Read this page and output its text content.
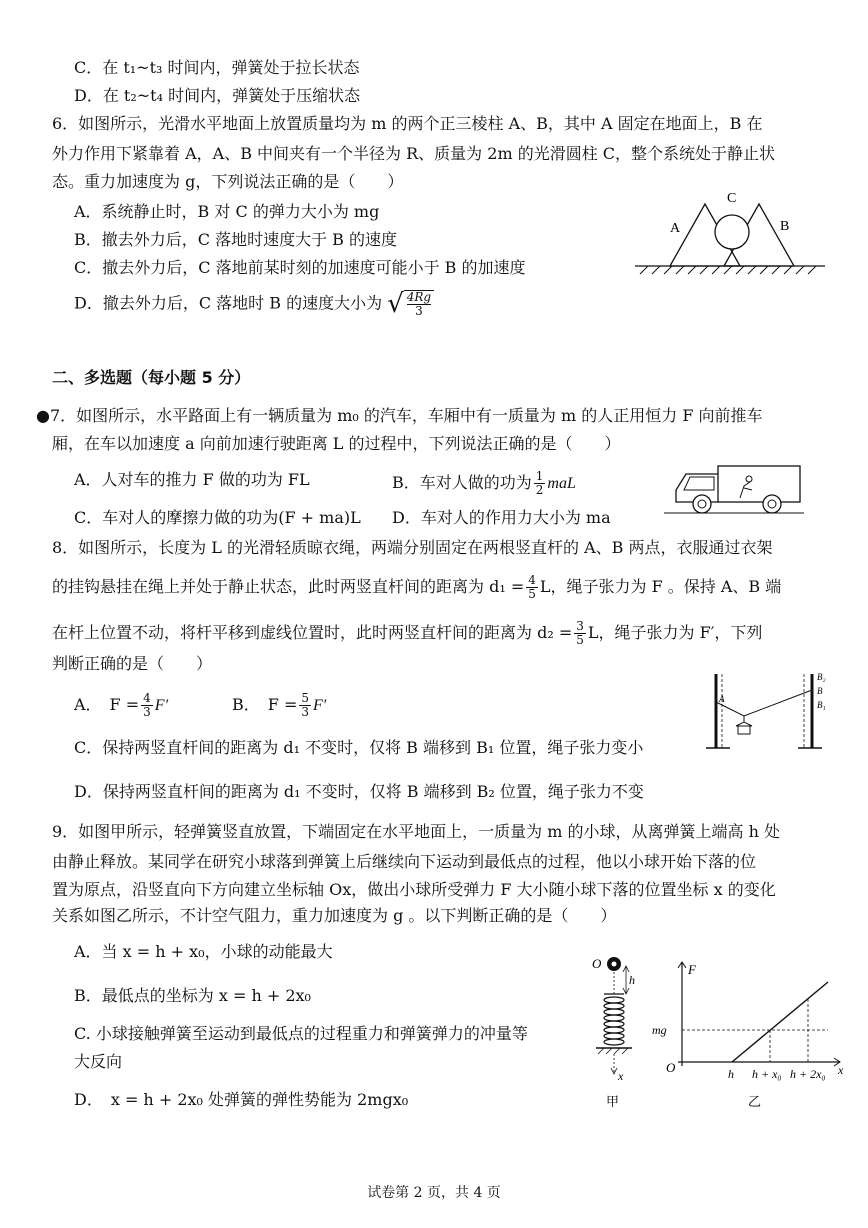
C．在 t₁~t₃ 时间内，弹簧处于拉长状态
D．在 t₂~t₄ 时间内，弹簧处于压缩状态
6．如图所示，光滑水平地面上放置质量均为 m 的两个正三棱柱 A、B，其中 A 固定在地面上，B 在
外力作用下紧靠着 A，A、B 中间夹有一个半径为 R、质量为 2m 的光滑圆柱 C，整个系统处于静止状
态。重力加速度为 g，下列说法正确的是（　　）
A．系统静止时，B 对 C 的弹力大小为 mg
B．撤去外力后，C 落地时速度大于 B 的速度
C．撤去外力后，C 落地前某时刻的加速度可能小于 B 的加速度
D．撤去外力后，C 落地时 B 的速度大小为 √ $\frac{4Rg}{3}$
A	B
C
二、多选题（每小题 5 分）
●7．如图所示，水平路面上有一辆质量为 m₀ 的汽车，车厢中有一质量为 m 的人正用恒力 F 向前推车
厢，在车以加速度 a 向前加速行驶距离 L 的过程中，下列说法正确的是（　　）
A．人对车的推力 F 做的功为 FL	B．车对人做的功为 $\frac{1}{2}$ maL
C．车对人的摩擦力做的功为(F + ma)L D．车对人的作用力大小为 ma
8．如图所示，长度为 L 的光滑轻质晾衣绳，两端分别固定在两根竖直杆的 A、B 两点，衣服通过衣架
的挂钩悬挂在绳上并处于静止状态，此时两竖直杆间的距离为 $d_1 = \frac{4}{5}$ L，绳子张力为 F 。保持 A、B 端
在杆上位置不动，将杆平移到虚线位置时，此时两竖直杆间的距离为 $d_2 = \frac{3}{5}$ L，绳子张力为 F′，下列
判断正确的是（　　）
A．　$F = \frac{4}{3} F'$	B．　$F = \frac{5}{3} F'$
C．保持两竖直杆间的距离为 d₁ 不变时，仅将 B 端移到 B₁ 位置，绳子张力变小
D．保持两竖直杆间的距离为 d₁ 不变时，仅将 B 端移到 B₂ 位置，绳子张力不变
A
B₂
B
B₁
9．如图甲所示，轻弹簧竖直放置，下端固定在水平地面上，一质量为 m 的小球，从离弹簧上端高 h 处
由静止释放。某同学在研究小球落到弹簧上后继续向下运动到最低点的过程，他以小球开始下落的位
置为原点，沿竖直向下方向建立坐标轴 Ox，做出小球所受弹力 F 大小随小球下落的位置坐标 x 的变化
关系如图乙所示，不计空气阻力，重力加速度为 g 。以下判断正确的是（　　）
A．当 x = h + x₀，小球的动能最大
B．最低点的坐标为 x = h + 2x₀
C. 小球接触弹簧至运动到最低点的过程重力和弹簧弹力的冲量等
大反向
D．　x = h + 2x₀ 处弹簧的弹性势能为 2mgx₀
O
h
x
甲
F
mg
O	x
h h + x₀ h + 2x₀
乙
试卷第 2 页，共 4 页
